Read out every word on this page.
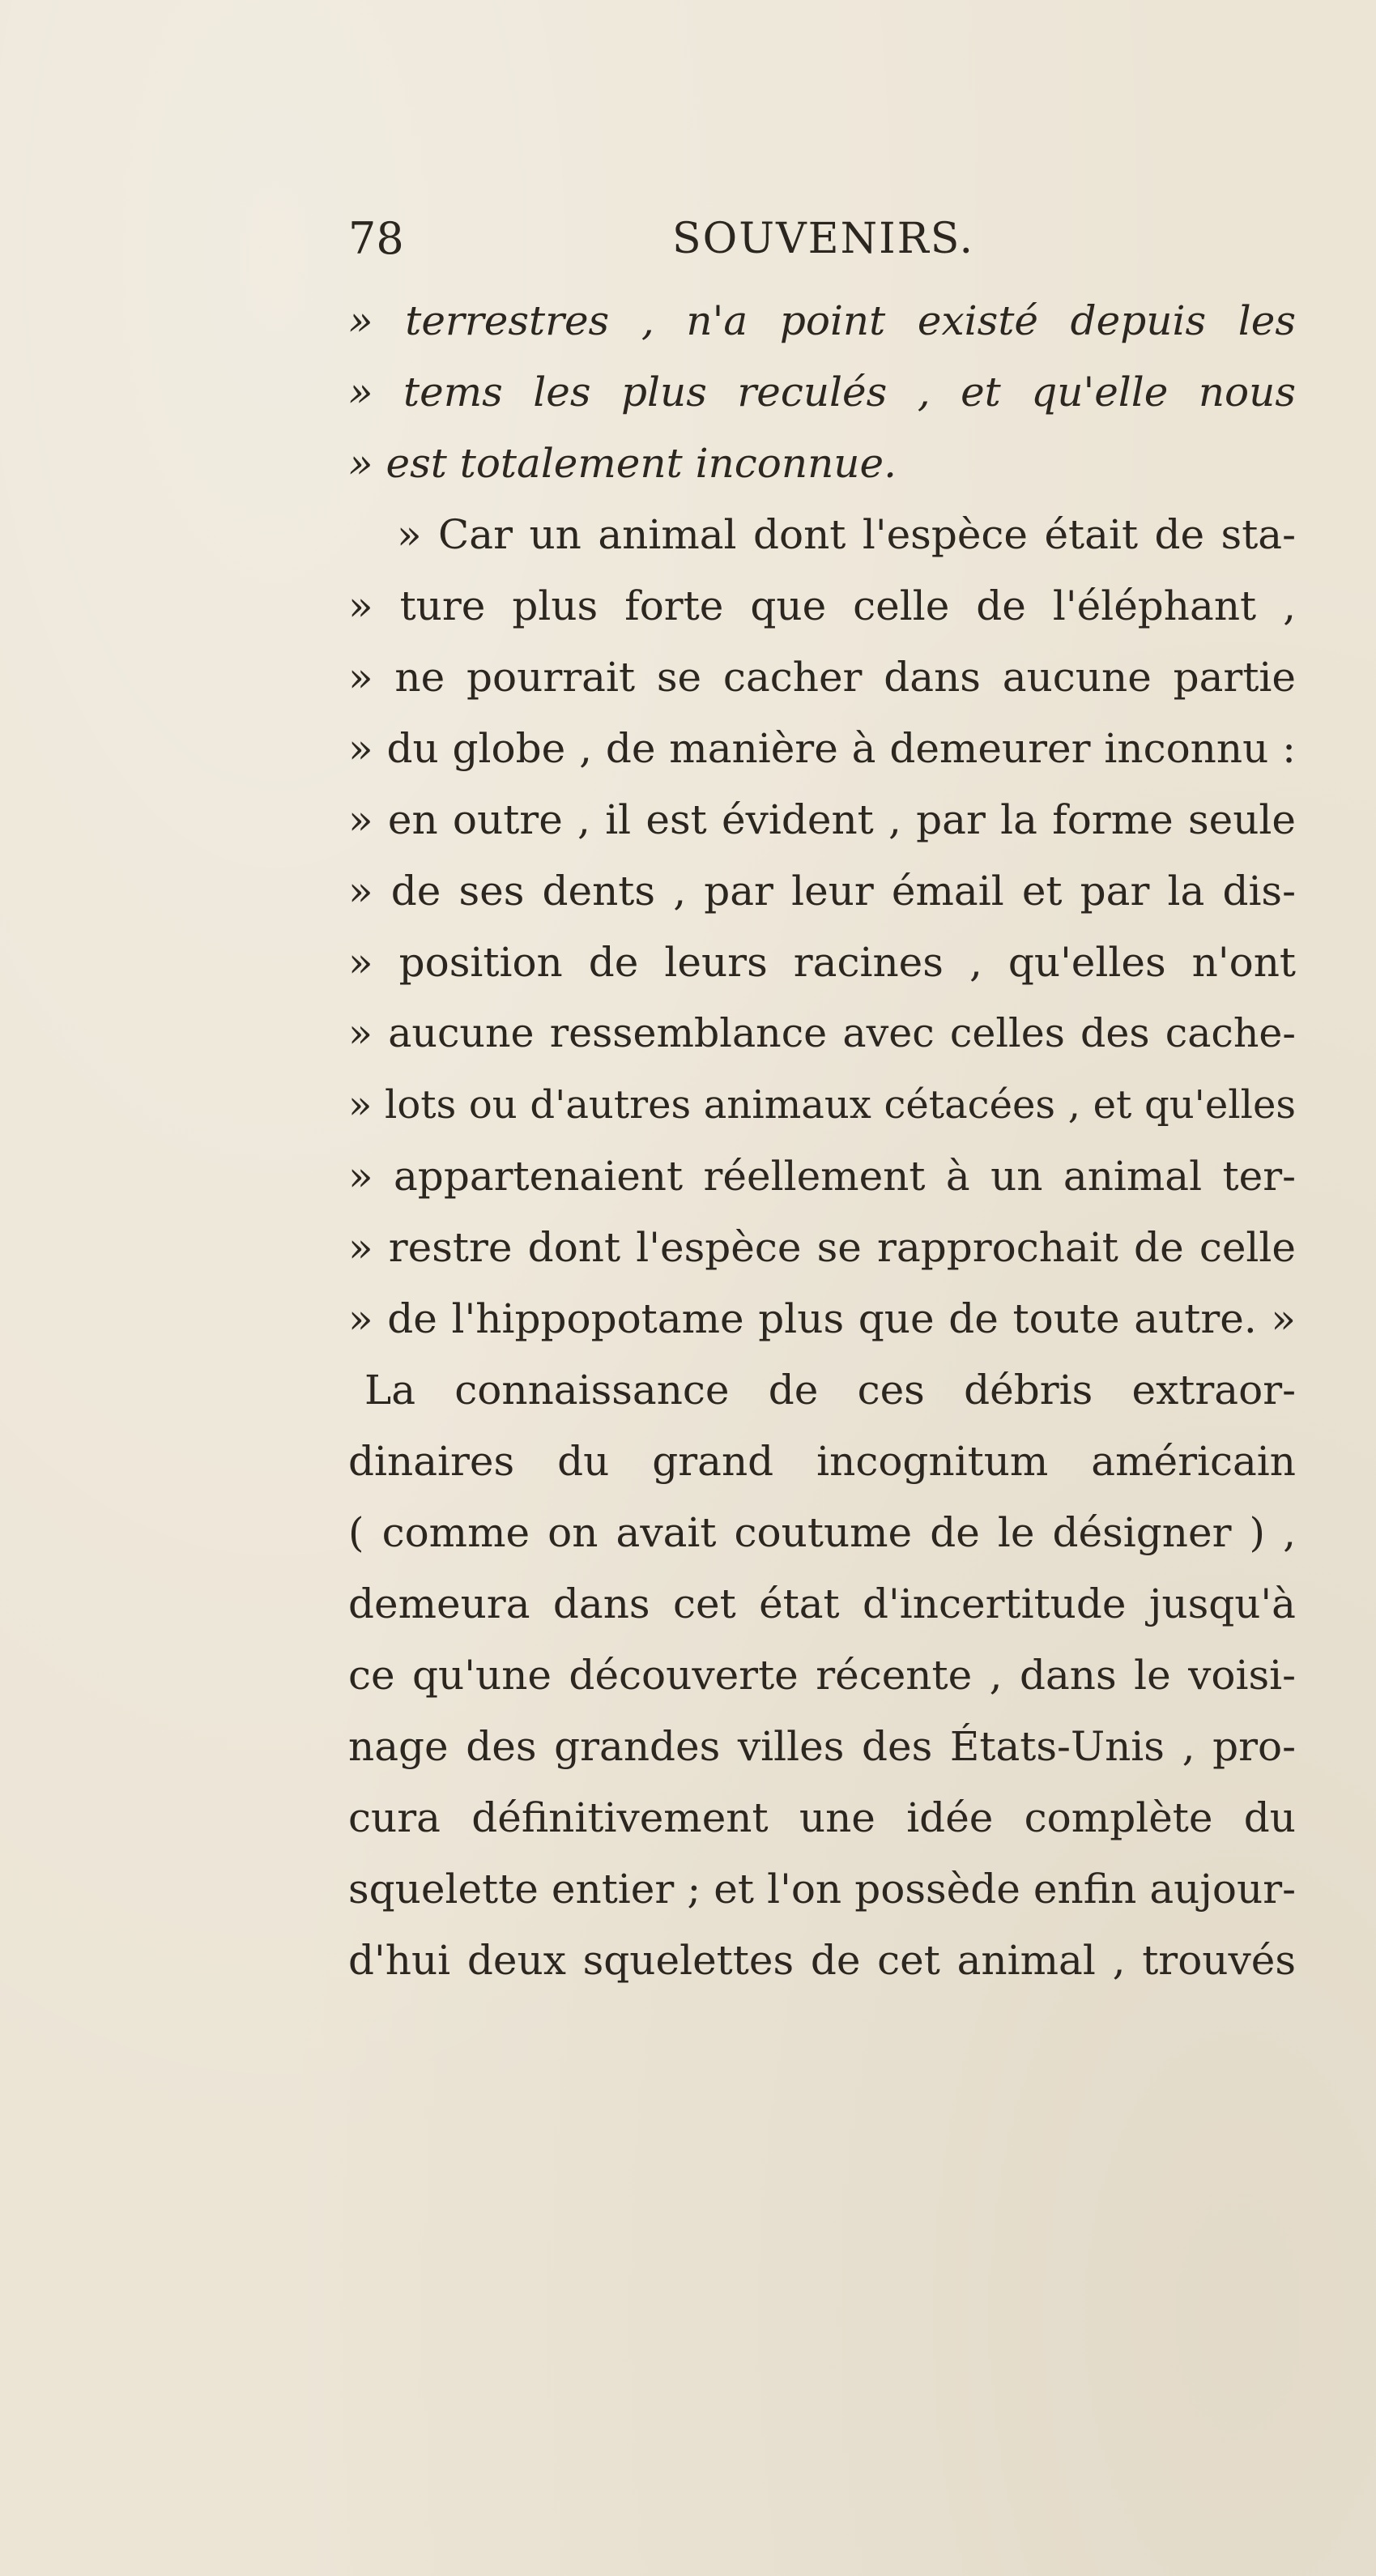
78	SOUVENIRS.
» terrestres , n'a point existé depuis les
» tems les plus reculés , et qu'elle nous
» est totalement inconnue.
» Car un animal dont l'espèce était de sta-
» ture plus forte que celle de l'éléphant ,
» ne pourrait se cacher dans aucune partie
» du globe , de manière à demeurer inconnu :
» en outre , il est évident , par la forme seule
» de ses dents , par leur émail et par la dis-
» position de leurs racines , qu'elles n'ont
» aucune ressemblance avec celles des cache-
» lots ou d'autres animaux cétacées , et qu'elles
» appartenaient réellement à un animal ter-
» restre dont l'espèce se rapprochait de celle
» de l'hippopotame plus que de toute autre. »
La connaissance de ces débris extraor-
dinaires du grand incognitum américain
( comme on avait coutume de le désigner ) ,
demeura dans cet état d'incertitude jusqu'à
ce qu'une découverte récente , dans le voisi-
nage des grandes villes des États-Unis , pro-
cura définitivement une idée complète du
squelette entier ; et l'on possède enfin aujour-
d'hui deux squelettes de cet animal , trouvés
